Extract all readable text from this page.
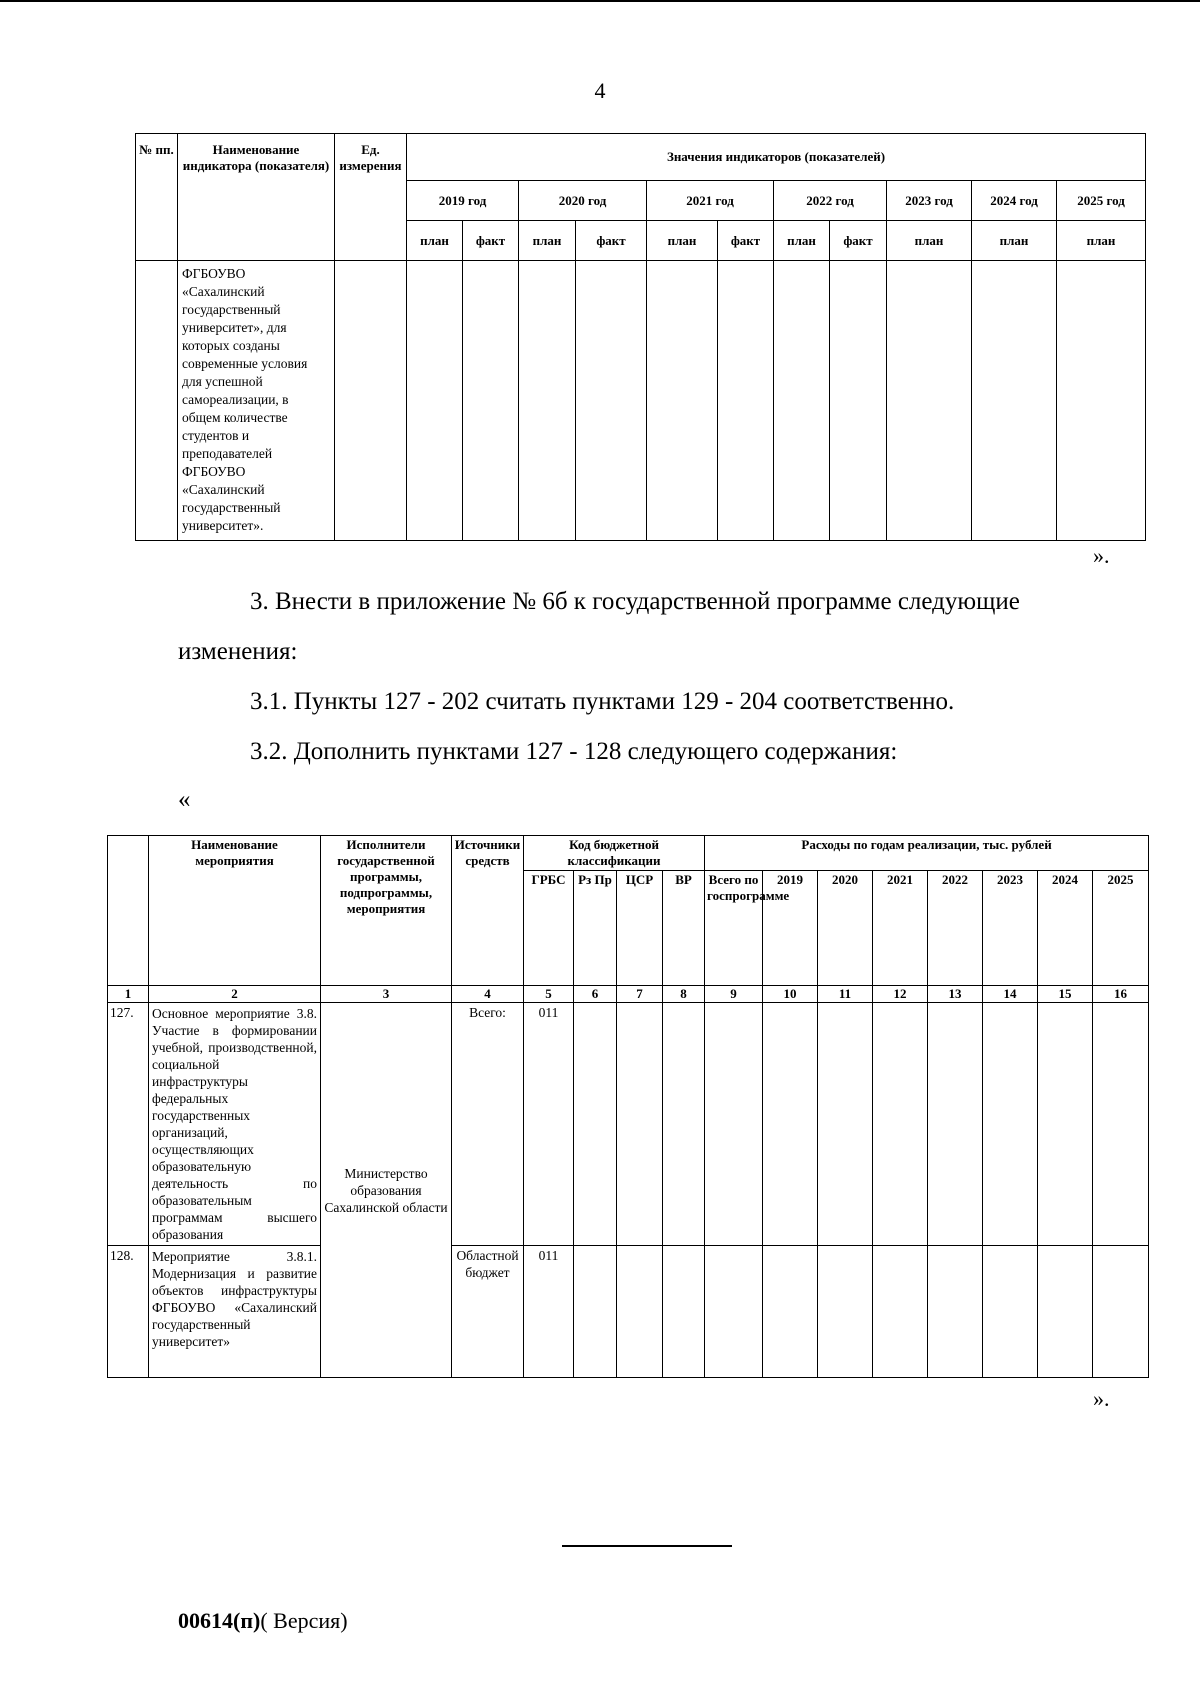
4
№ пп.	Наименование индикатора (показателя)	Ед. измерения	Значения индикаторов (показателей)										
			2019 год		2020 год		2021 год		2022 год		2023 год	2024 год	2025 год
			план	факт	план	факт	план	факт	план	факт	план	план	план
	ФГБОУВО «Сахалинский государственный университет», для которых созданы современные условия для успешной самореализации, в общем количестве студентов и преподавателей ФГБОУВО «Сахалинский государственный университет».												
».
3. Внести в приложение № 6б к государственной программе следующие
изменения:
3.1. Пункты 127 - 202 считать пунктами 129 - 204 соответственно.
3.2. Дополнить пунктами 127 - 128 следующего содержания:
«
	Наименование мероприятия	Исполнители государственной программы, подпрограммы, мероприятия	Источники средств	Код бюджетной классификации				Расходы по годам реализации, тыс. рублей							
				ГРБС	Рз Пр	ЦСР	ВР	Всего по госпрограмме	2019	2020	2021	2022	2023	2024	2025
1	2	3	4	5	6	7	8	9	10	11	12	13	14	15	16
127.	Основное мероприятие 3.8. Участие в формировании учебной, производственной, социальной инфраструктуры федеральных государственных организаций, осуществляющих образовательную деятельность по образовательным программам высшего образования	Министерство образования Сахалинской области	Всего:	011											
128.	Мероприятие 3.8.1. Модернизация и развитие объектов инфраструктуры ФГБОУВО «Сахалинский государственный университет»		Областной бюджет	011											
».
00614(п)( Версия)
